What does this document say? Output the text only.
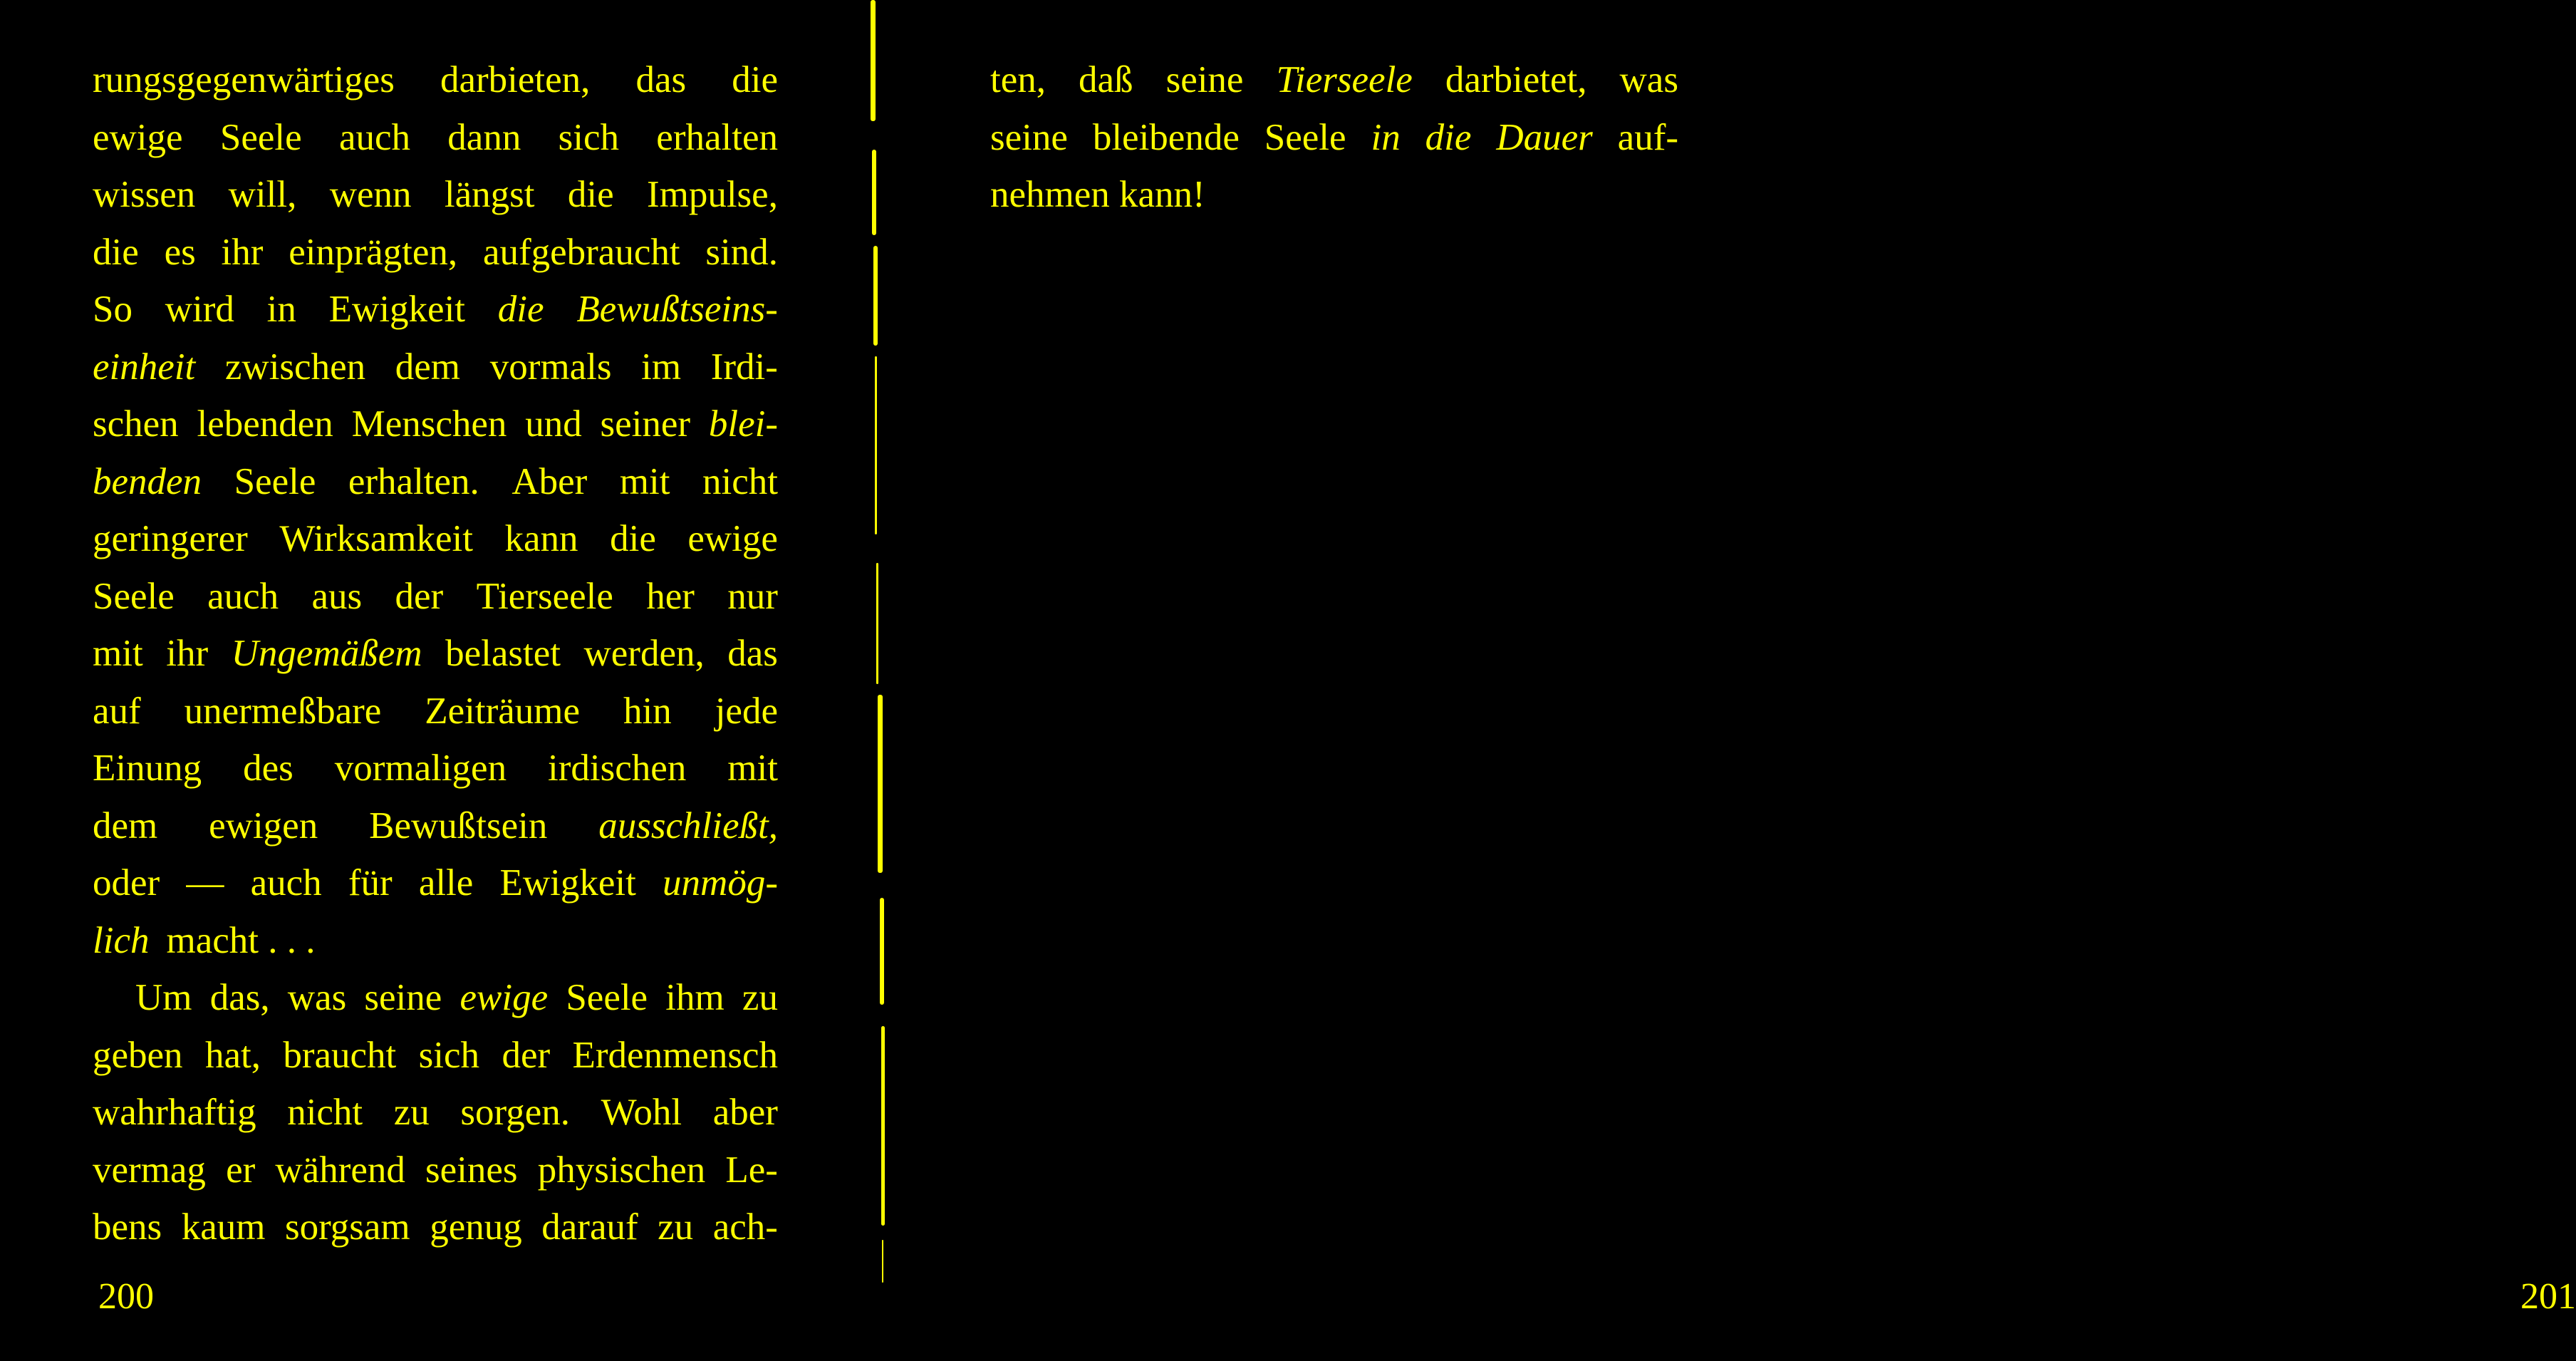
rungsgegenwärtiges darbieten, das die
ewige Seele auch dann sich erhalten
wissen will, wenn längst die Impulse,
die es ihr einprägten, aufgebraucht sind.
So wird in Ewigkeit die Bewußtseins-
einheit zwischen dem vormals im Irdi-
schen lebenden Menschen und seiner blei-
benden Seele erhalten. Aber mit nicht
geringerer Wirksamkeit kann die ewige
Seele auch aus der Tierseele her nur
mit ihr Ungemäßem belastet werden, das
auf unermeßbare Zeiträume hin jede
Einung des vormaligen irdischen mit
dem ewigen Bewußtsein ausschließt,
oder — auch für alle Ewigkeit unmög-
lich macht . . .
Um das, was seine ewige Seele ihm zu
geben hat, braucht sich der Erdenmensch
wahrhaftig nicht zu sorgen. Wohl aber
vermag er während seines physischen Le-
bens kaum sorgsam genug darauf zu ach-
200
ten, daß seine Tierseele darbietet, was
seine bleibende Seele in die Dauer auf-
nehmen kann!
201
